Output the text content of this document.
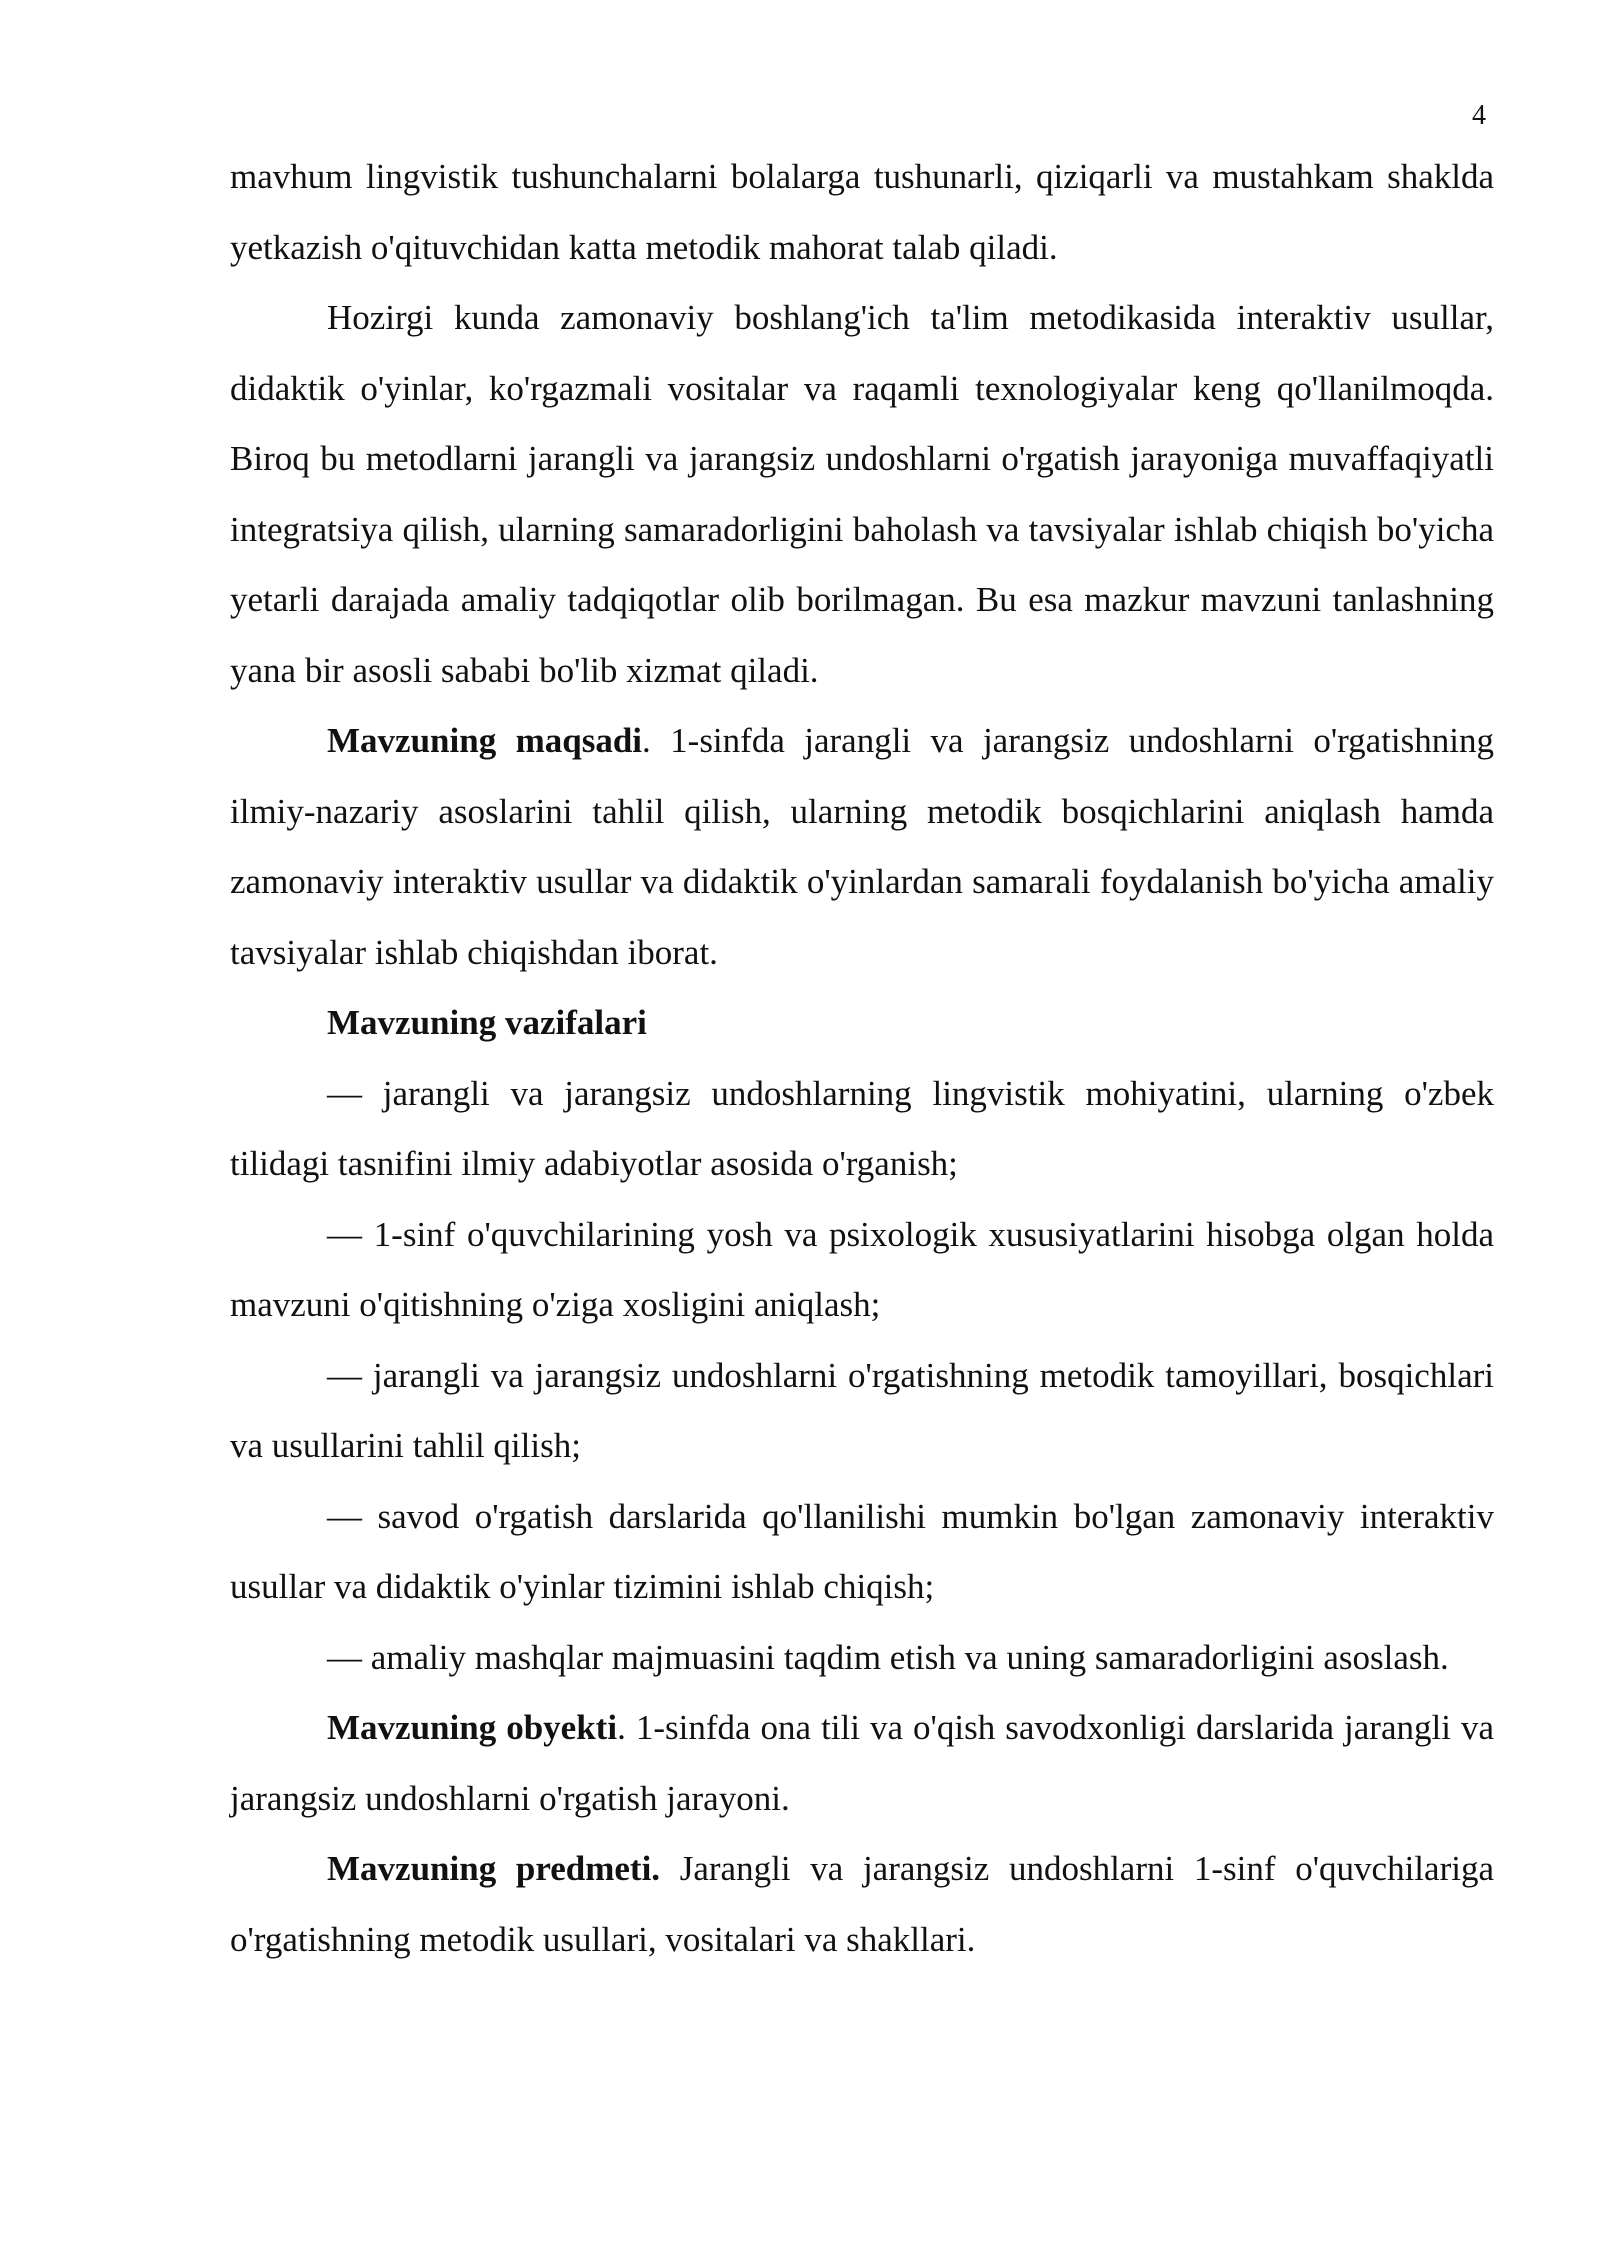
4

mavhum lingvistik tushunchalarni bolalarga tushunarli, qiziqarli va mustahkam shaklda yetkazish o'qituvchidan katta metodik mahorat talab qiladi.

Hozirgi kunda zamonaviy boshlang'ich ta'lim metodikasida interaktiv usullar, didaktik o'yinlar, ko'rgazmali vositalar va raqamli texnologiyalar keng qo'llanilmoqda. Biroq bu metodlarni jarangli va jarangsiz undoshlarni o'rgatish jarayoniga muvaffaqiyatli integratsiya qilish, ularning samaradorligini baholash va tavsiyalar ishlab chiqish bo'yicha yetarli darajada amaliy tadqiqotlar olib borilmagan. Bu esa mazkur mavzuni tanlashning yana bir asosli sababi bo'lib xizmat qiladi.

Mavzuning maqsadi. 1-sinfda jarangli va jarangsiz undoshlarni o'rgatishning ilmiy-nazariy asoslarini tahlil qilish, ularning metodik bosqichlarini aniqlash hamda zamonaviy interaktiv usullar va didaktik o'yinlardan samarali foydalanish bo'yicha amaliy tavsiyalar ishlab chiqishdan iborat.

Mavzuning vazifalari

— jarangli va jarangsiz undoshlarning lingvistik mohiyatini, ularning o'zbek tilidagi tasnifini ilmiy adabiyotlar asosida o'rganish;

— 1-sinf o'quvchilarining yosh va psixologik xususiyatlarini hisobga olgan holda mavzuni o'qitishning o'ziga xosligini aniqlash;

— jarangli va jarangsiz undoshlarni o'rgatishning metodik tamoyillari, bosqichlari va usullarini tahlil qilish;

— savod o'rgatish darslarida qo'llanilishi mumkin bo'lgan zamonaviy interaktiv usullar va didaktik o'yinlar tizimini ishlab chiqish;

— amaliy mashqlar majmuasini taqdim etish va uning samaradorligini asoslash.

Mavzuning obyekti. 1-sinfda ona tili va o'qish savodxonligi darslarida jarangli va jarangsiz undoshlarni o'rgatish jarayoni.

Mavzuning predmeti. Jarangli va jarangsiz undoshlarni 1-sinf o'quvchilariga o'rgatishning metodik usullari, vositalari va shakllari.
